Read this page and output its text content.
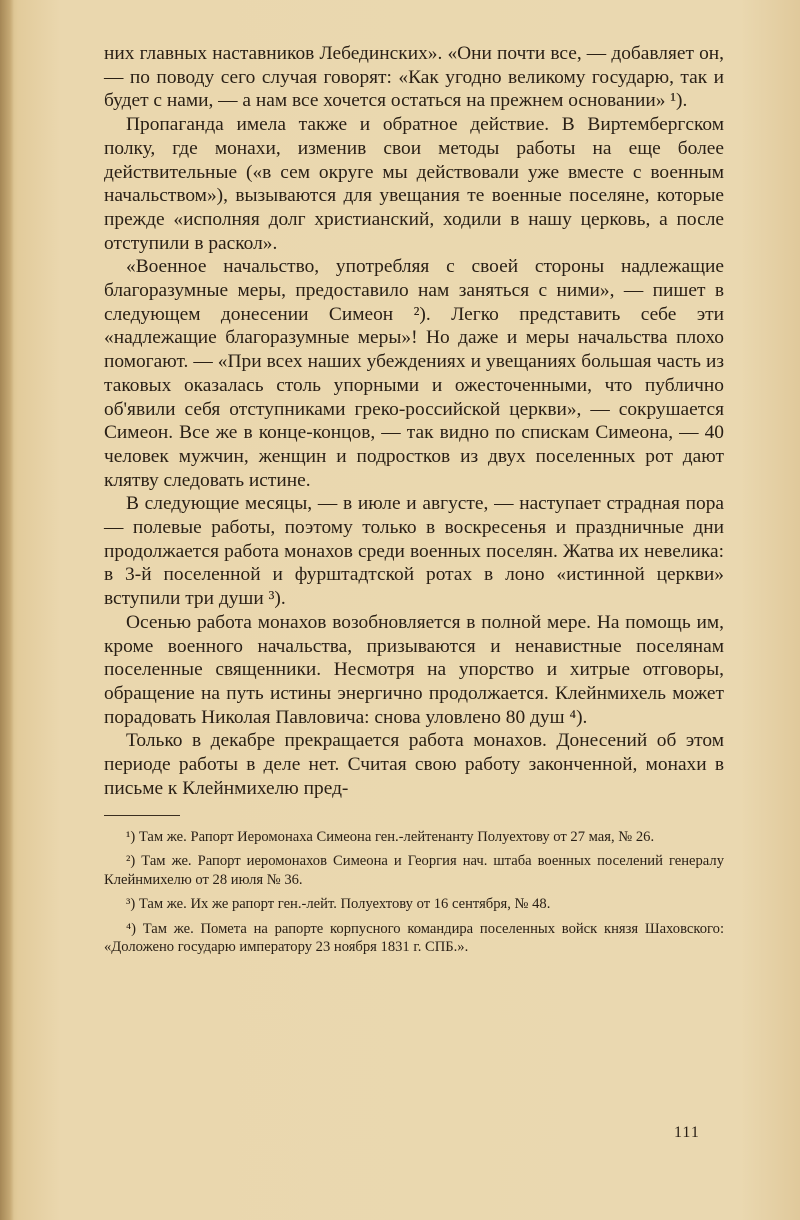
них главных наставников Лебединских». «Они почти все, — добавляет он, — по поводу сего случая говорят: «Как угодно великому государю, так и будет с нами, — а нам все хочется остаться на прежнем основании» ¹).

Пропаганда имела также и обратное действие. В Виртембергском полку, где монахи, изменив свои методы работы на еще более действительные («в сем округе мы действовали уже вместе с военным начальством»), вызываются для увещания те военные поселяне, которые прежде «исполняя долг христианский, ходили в нашу церковь, а после отступили в раскол».

«Военное начальство, употребляя с своей стороны надлежащие благоразумные меры, предоставило нам заняться с ними», — пишет в следующем донесении Симеон ²). Легко представить себе эти «надлежащие благоразумные меры»! Но даже и меры начальства плохо помогают. — «При всех наших убеждениях и увещаниях большая часть из таковых оказалась столь упорными и ожесточенными, что публично об'явили себя отступниками греко-российской церкви», — сокрушается Симеон. Все же в конце-концов, — так видно по спискам Симеона, — 40 человек мужчин, женщин и подростков из двух поселенных рот дают клятву следовать истине.

В следующие месяцы, — в июле и августе, — наступает страдная пора — полевые работы, поэтому только в воскресенья и праздничные дни продолжается работа монахов среди военных поселян. Жатва их невелика: в 3-й поселенной и фурштадтской ротах в лоно «истинной церкви» вступили три души ³).

Осенью работа монахов возобновляется в полной мере. На помощь им, кроме военного начальства, призываются и ненавистные поселянам поселенные священники. Несмотря на упорство и хитрые отговоры, обращение на путь истины энергично продолжается. Клейнмихель может порадовать Николая Павловича: снова уловлено 80 душ ⁴).

Только в декабре прекращается работа монахов. Донесений об этом периоде работы в деле нет. Считая свою работу законченной, монахи в письме к Клейнмихелю пред-

¹) Там же. Рапорт Иеромонаха Симеона ген.-лейтенанту Полуехтову от 27 мая, № 26.

²) Там же. Рапорт иеромонахов Симеона и Георгия нач. штаба военных поселений генералу Клейнмихелю от 28 июля № 36.

³) Там же. Их же рапорт ген.-лейт. Полуехтову от 16 сентября, № 48.

⁴) Там же. Помета на рапорте корпусного командира поселенных войск князя Шаховского: «Доложено государю императору 23 ноября 1831 г. СПБ.».

111
